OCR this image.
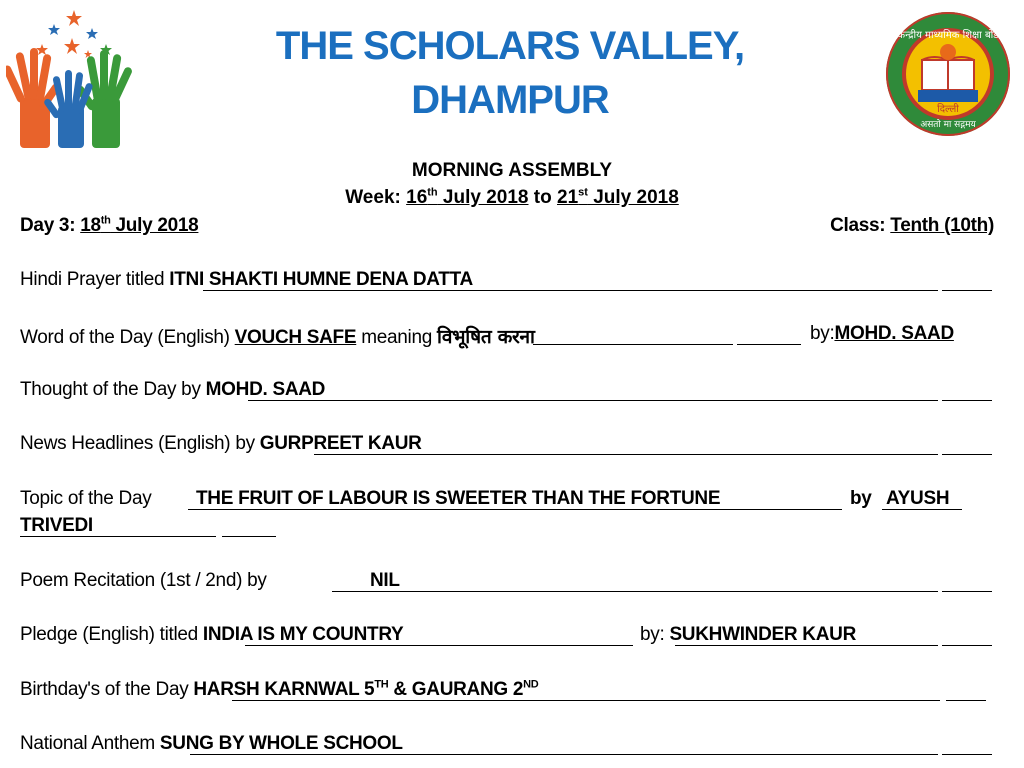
THE SCHOLARS VALLEY,
DHAMPUR
केन्द्रीय माध्यमिक शिक्षा बोर्ड
दिल्ली
असतो मा सद्गमय
MORNING ASSEMBLY
Week: 16th July 2018 to 21st July 2018
Day 3: 18th July 2018	Class: Tenth (10th)
Hindi Prayer titled ITNI SHAKTI HUMNE DENA DATTA
Word of the Day (English) VOUCH SAFE meaning विभूषित करना	by:MOHD. SAAD
Thought of the Day by MOHD. SAAD
News Headlines (English) by GURPREET KAUR
Topic of the Day THE FRUIT OF LABOUR IS SWEETER THAN THE FORTUNE	by AYUSH
TRIVEDI
Poem Recitation (1st / 2nd) by	NIL
Pledge (English) titled INDIA IS MY COUNTRY	by: SUKHWINDER KAUR
Birthday's of the Day HARSH KARNWAL 5TH & GAURANG 2ND
National Anthem SUNG BY WHOLE SCHOOL
